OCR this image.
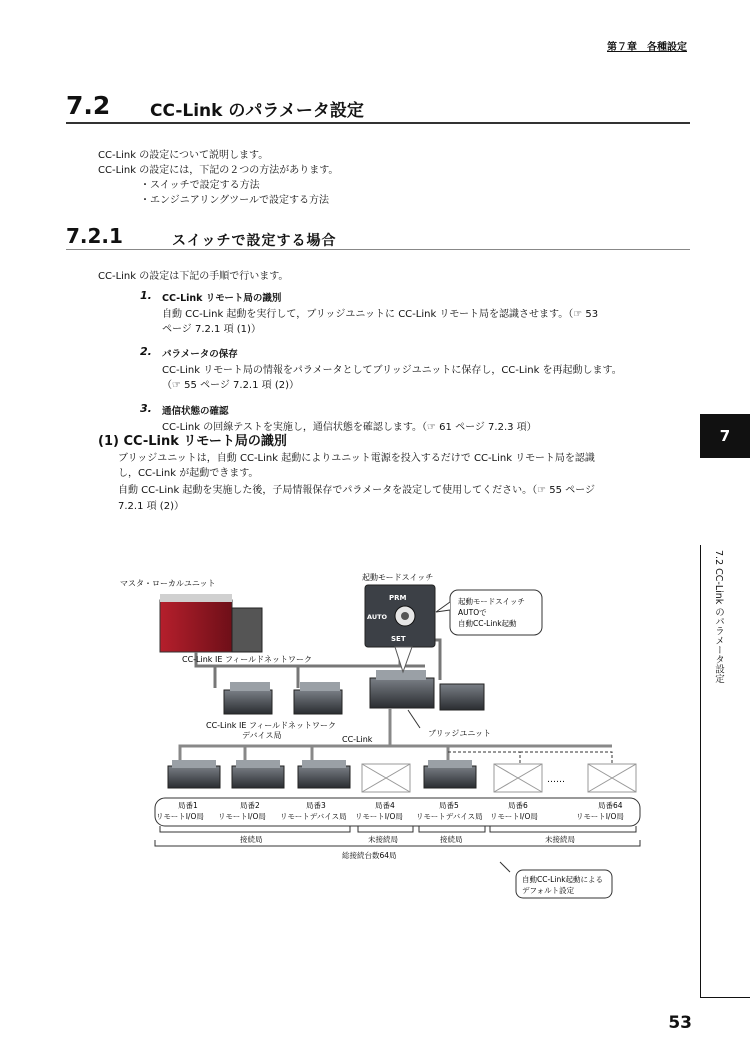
第７章　各種設定
7.2 CC-Link のパラメータ設定
CC-Link の設定について説明します。
CC-Link の設定には，下記の２つの方法があります。
・スイッチで設定する方法
・エンジニアリングツールで設定する方法
7.2.1	スイッチで設定する場合
CC-Link の設定は下記の手順で行います。
1. CC-Link リモート局の識別
自動 CC-Link 起動を実行して，ブリッジユニットに CC-Link リモート局を認識させます。（☞ 53
ページ 7.2.1 項 (1)）
2. パラメータの保存
CC-Link リモート局の情報をパラメータとしてブリッジユニットに保存し，CC-Link を再起動します。
（☞ 55 ページ 7.2.1 項 (2)）
3. 通信状態の確認
CC-Link の回線テストを実施し，通信状態を確認します。（☞ 61 ページ 7.2.3 項）
(1) CC-Link リモート局の識別
ブリッジユニットは，自動 CC-Link 起動によりユニット電源を投入するだけで CC-Link リモート局を認識
し，CC-Link が起動できます。
自動 CC-Link 起動を実施した後，子局情報保存でパラメータを設定して使用してください。（☞ 55 ページ
7.2.1 項 (2)）
マスタ・ローカルユニット
CC-Link IE フィールドネットワーク
CC-Link IE フィールドネットワーク
デバイス局	ブリッジユニット
起動モードスイッチ
PRM
AUTO
SET
起動モードスイッチ
AUTOで
自動CC-Link起動
CC-Link
……
局番1
リモートI/O局
局番2
リモートI/O局
局番3
リモートデバイス局
局番4
リモートI/O局
局番5
リモートデバイス局
局番6
リモートI/O局
局番64
リモートI/O局
接続局	未接続局	接続局	未接続局
総接続台数64局
自動CC-Link起動による
デフォルト設定
7
7.2 CC-Link のパラメータ設定
53
